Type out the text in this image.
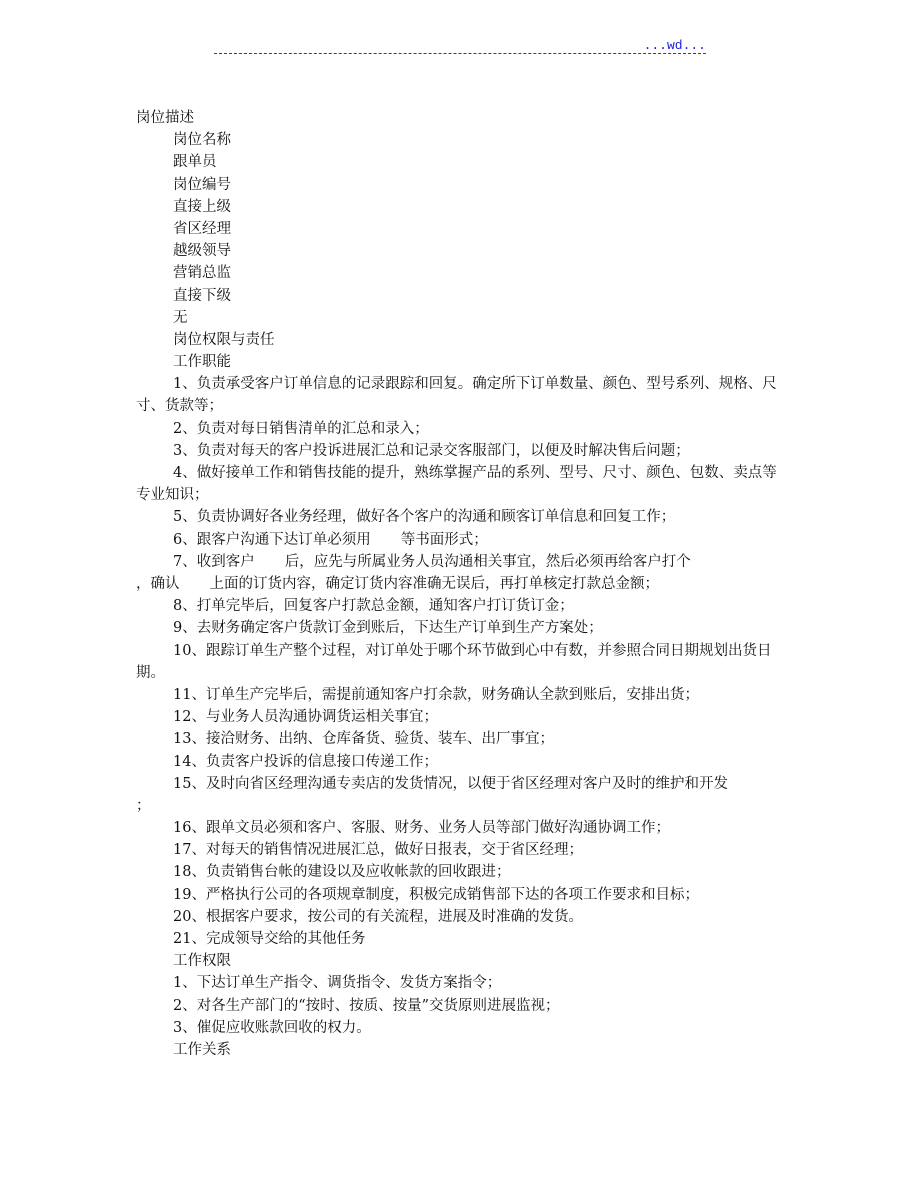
...wd...
岗位描述
岗位名称
跟单员
岗位编号
直接上级
省区经理
越级领导
营销总监
直接下级
无
岗位权限与责任
工作职能
1、负责承受客户订单信息的记录跟踪和回复。确定所下订单数量、颜色、型号系列、规格、尺寸、货款等；
2、负责对每日销售清单的汇总和录入；
3、负责对每天的客户投诉进展汇总和记录交客服部门，以便及时解决售后问题；
4、做好接单工作和销售技能的提升，熟练掌握产品的系列、型号、尺寸、颜色、包数、卖点等专业知识；
5、负责协调好各业务经理，做好各个客户的沟通和顾客订单信息和回复工作；
6、跟客户沟通下达订单必须用 等书面形式；
7、收到客户 后，应先与所属业务人员沟通相关事宜，然后必须再给客户打个
，确认 上面的订货内容，确定订货内容准确无误后，再打单核定打款总金额；
8、打单完毕后，回复客户打款总金额，通知客户打订货订金；
9、去财务确定客户货款订金到账后，下达生产订单到生产方案处；
10、跟踪订单生产整个过程，对订单处于哪个环节做到心中有数，并参照合同日期规划出货日期。
11、订单生产完毕后，需提前通知客户打余款，财务确认全款到账后，安排出货；
12、与业务人员沟通协调货运相关事宜；
13、接洽财务、出纳、仓库备货、验货、装车、出厂事宜；
14、负责客户投诉的信息接口传递工作；
15、及时向省区经理沟通专卖店的发货情况，以便于省区经理对客户及时的维护和开发
；
16、跟单文员必须和客户、客服、财务、业务人员等部门做好沟通协调工作；
17、对每天的销售情况进展汇总，做好日报表，交于省区经理；
18、负责销售台帐的建设以及应收帐款的回收跟进；
19、严格执行公司的各项规章制度，积极完成销售部下达的各项工作要求和目标；
20、根据客户要求，按公司的有关流程，进展及时准确的发货。
21、完成领导交给的其他任务
工作权限
1、下达订单生产指令、调货指令、发货方案指令；
2、对各生产部门的“按时、按质、按量”交货原则进展监视；
3、催促应收账款回收的权力。
工作关系
